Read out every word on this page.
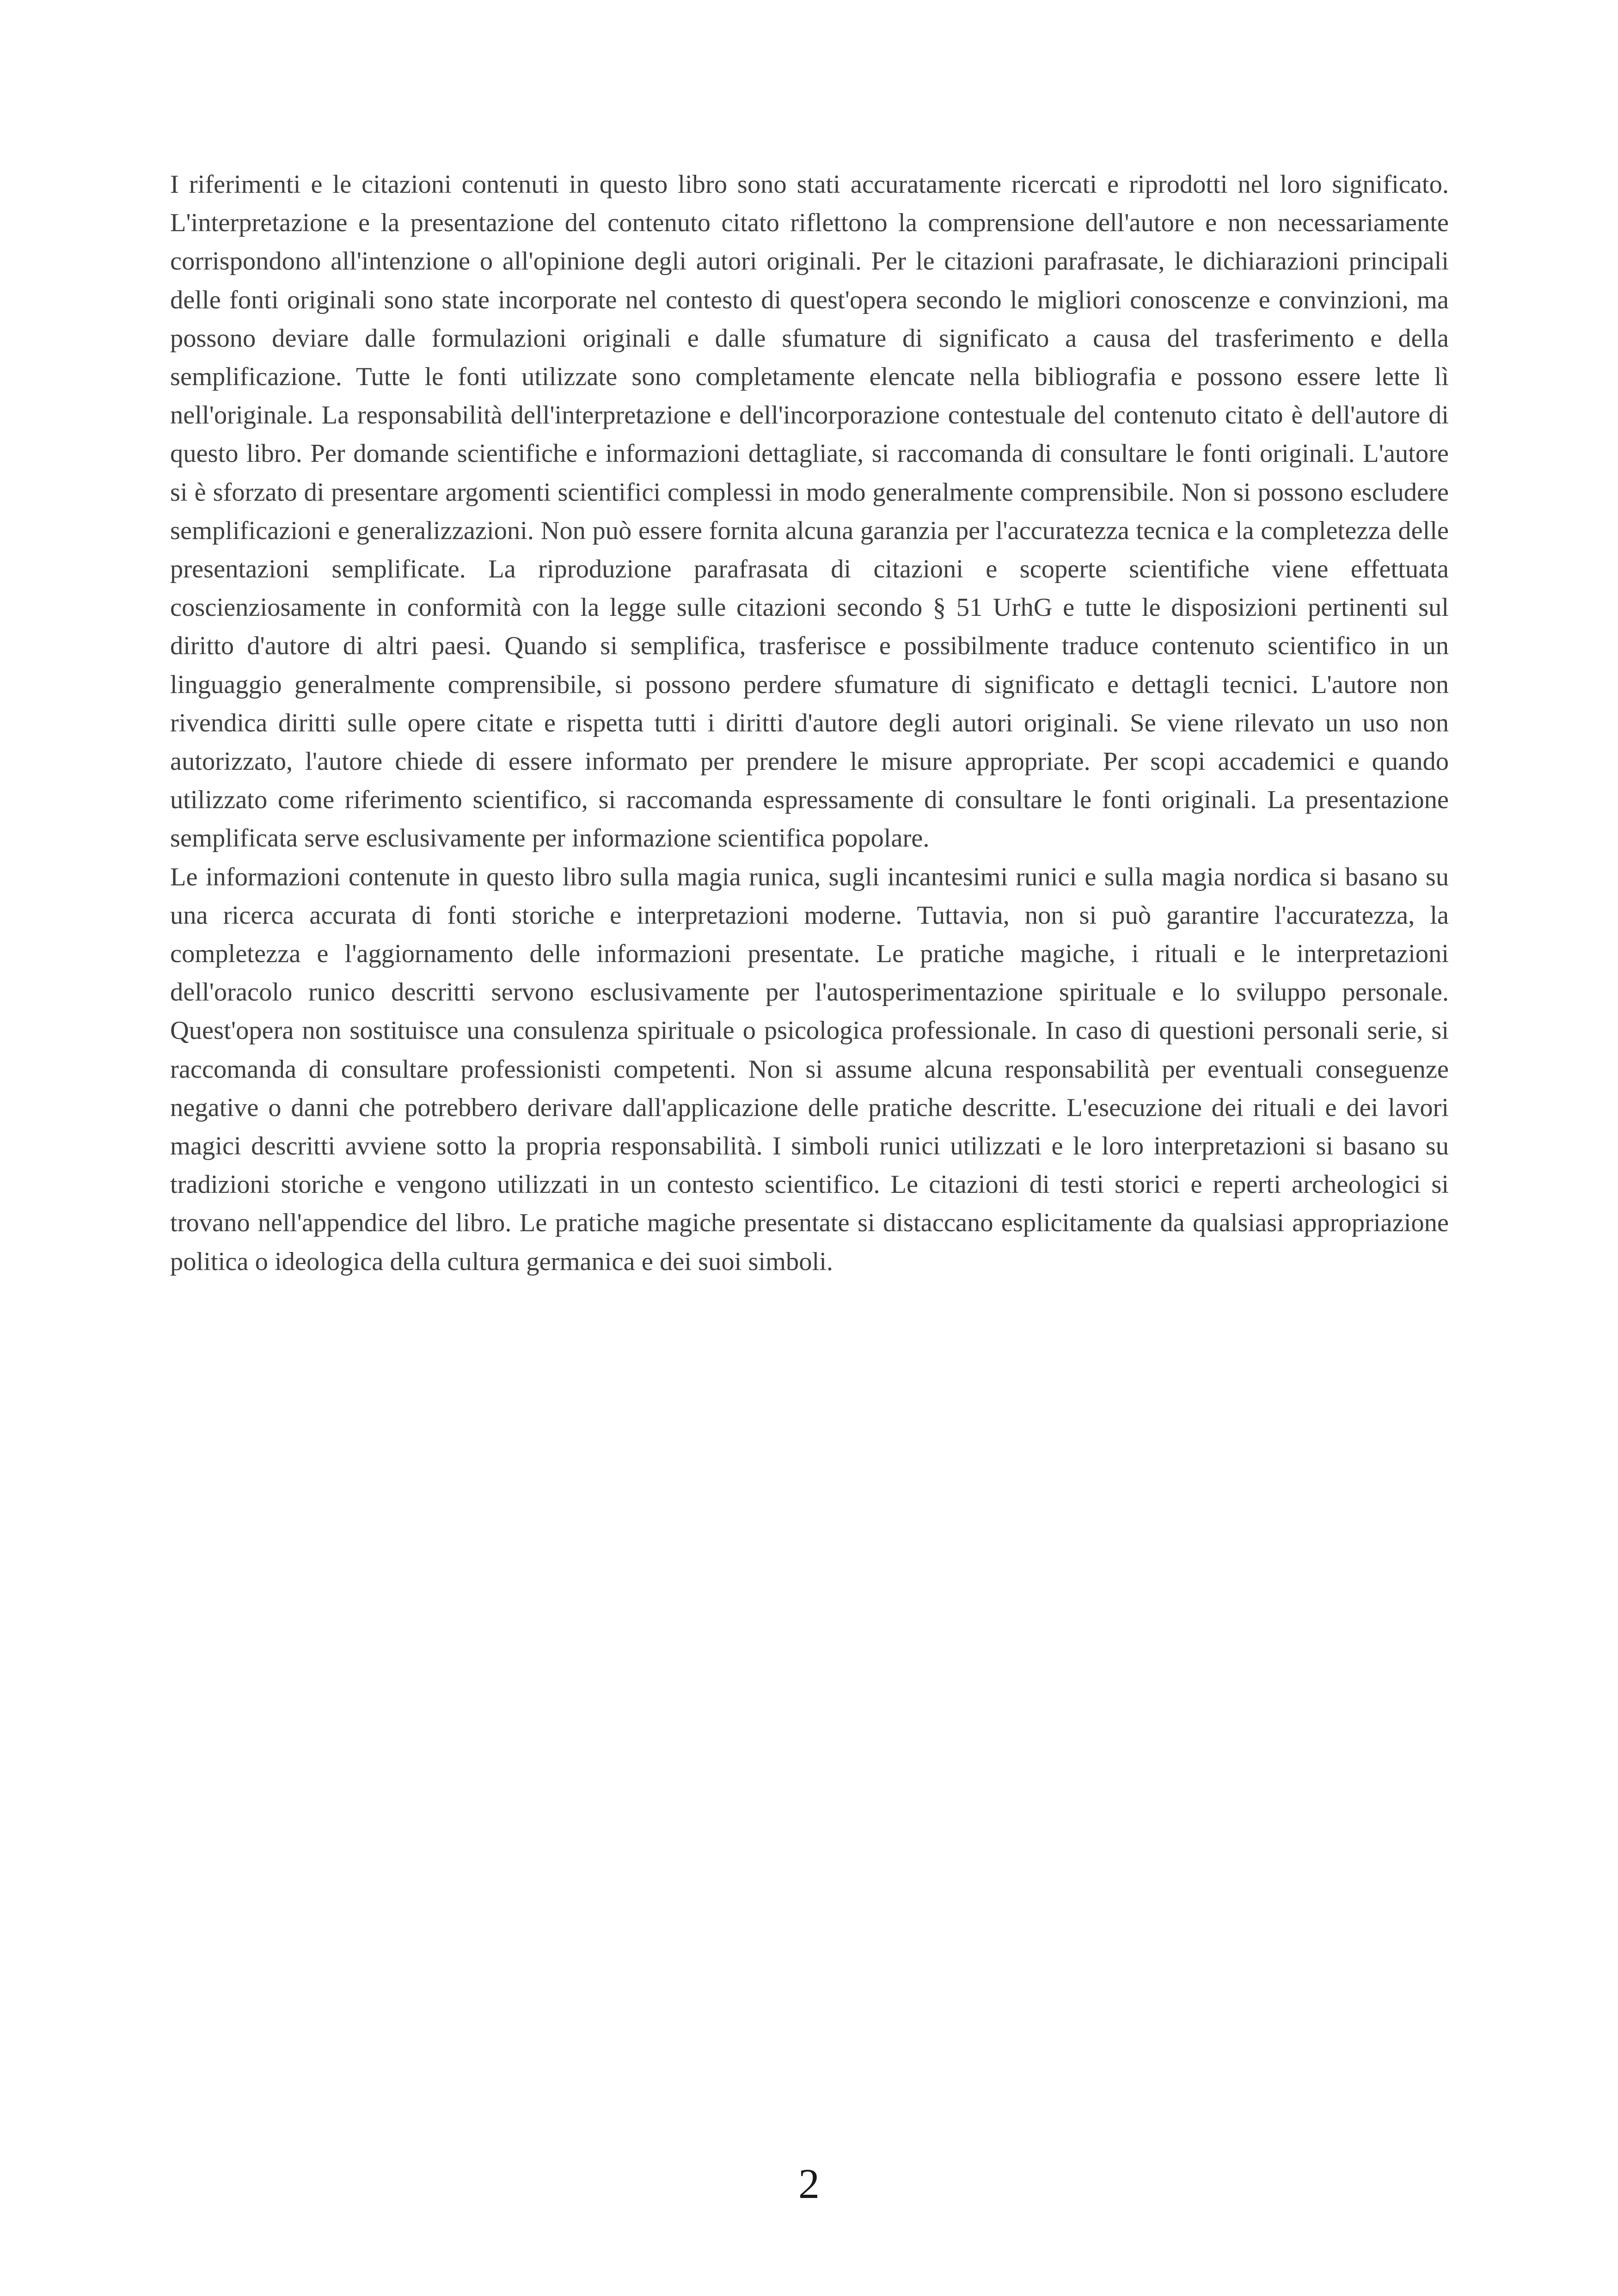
I riferimenti e le citazioni contenuti in questo libro sono stati accuratamente ricercati e riprodotti nel loro significato. L'interpretazione e la presentazione del contenuto citato riflettono la comprensione dell'autore e non necessariamente corrispondono all'intenzione o all'opinione degli autori originali. Per le citazioni parafrasate, le dichiarazioni principali delle fonti originali sono state incorporate nel contesto di quest'opera secondo le migliori conoscenze e convinzioni, ma possono deviare dalle formulazioni originali e dalle sfumature di significato a causa del trasferimento e della semplificazione. Tutte le fonti utilizzate sono completamente elencate nella bibliografia e possono essere lette lì nell'originale. La responsabilità dell'interpretazione e dell'incorporazione contestuale del contenuto citato è dell'autore di questo libro. Per domande scientifiche e informazioni dettagliate, si raccomanda di consultare le fonti originali. L'autore si è sforzato di presentare argomenti scientifici complessi in modo generalmente comprensibile. Non si possono escludere semplificazioni e generalizzazioni. Non può essere fornita alcuna garanzia per l'accuratezza tecnica e la completezza delle presentazioni semplificate. La riproduzione parafrasata di citazioni e scoperte scientifiche viene effettuata coscienziosamente in conformità con la legge sulle citazioni secondo § 51 UrhG e tutte le disposizioni pertinenti sul diritto d'autore di altri paesi. Quando si semplifica, trasferisce e possibilmente traduce contenuto scientifico in un linguaggio generalmente comprensibile, si possono perdere sfumature di significato e dettagli tecnici. L'autore non rivendica diritti sulle opere citate e rispetta tutti i diritti d'autore degli autori originali. Se viene rilevato un uso non autorizzato, l'autore chiede di essere informato per prendere le misure appropriate. Per scopi accademici e quando utilizzato come riferimento scientifico, si raccomanda espressamente di consultare le fonti originali. La presentazione semplificata serve esclusivamente per informazione scientifica popolare.

Le informazioni contenute in questo libro sulla magia runica, sugli incantesimi runici e sulla magia nordica si basano su una ricerca accurata di fonti storiche e interpretazioni moderne. Tuttavia, non si può garantire l'accuratezza, la completezza e l'aggiornamento delle informazioni presentate. Le pratiche magiche, i rituali e le interpretazioni dell'oracolo runico descritti servono esclusivamente per l'autosperimentazione spirituale e lo sviluppo personale. Quest'opera non sostituisce una consulenza spirituale o psicologica professionale. In caso di questioni personali serie, si raccomanda di consultare professionisti competenti. Non si assume alcuna responsabilità per eventuali conseguenze negative o danni che potrebbero derivare dall'applicazione delle pratiche descritte. L'esecuzione dei rituali e dei lavori magici descritti avviene sotto la propria responsabilità. I simboli runici utilizzati e le loro interpretazioni si basano su tradizioni storiche e vengono utilizzati in un contesto scientifico. Le citazioni di testi storici e reperti archeologici si trovano nell'appendice del libro. Le pratiche magiche presentate si distaccano esplicitamente da qualsiasi appropriazione politica o ideologica della cultura germanica e dei suoi simboli.

2
